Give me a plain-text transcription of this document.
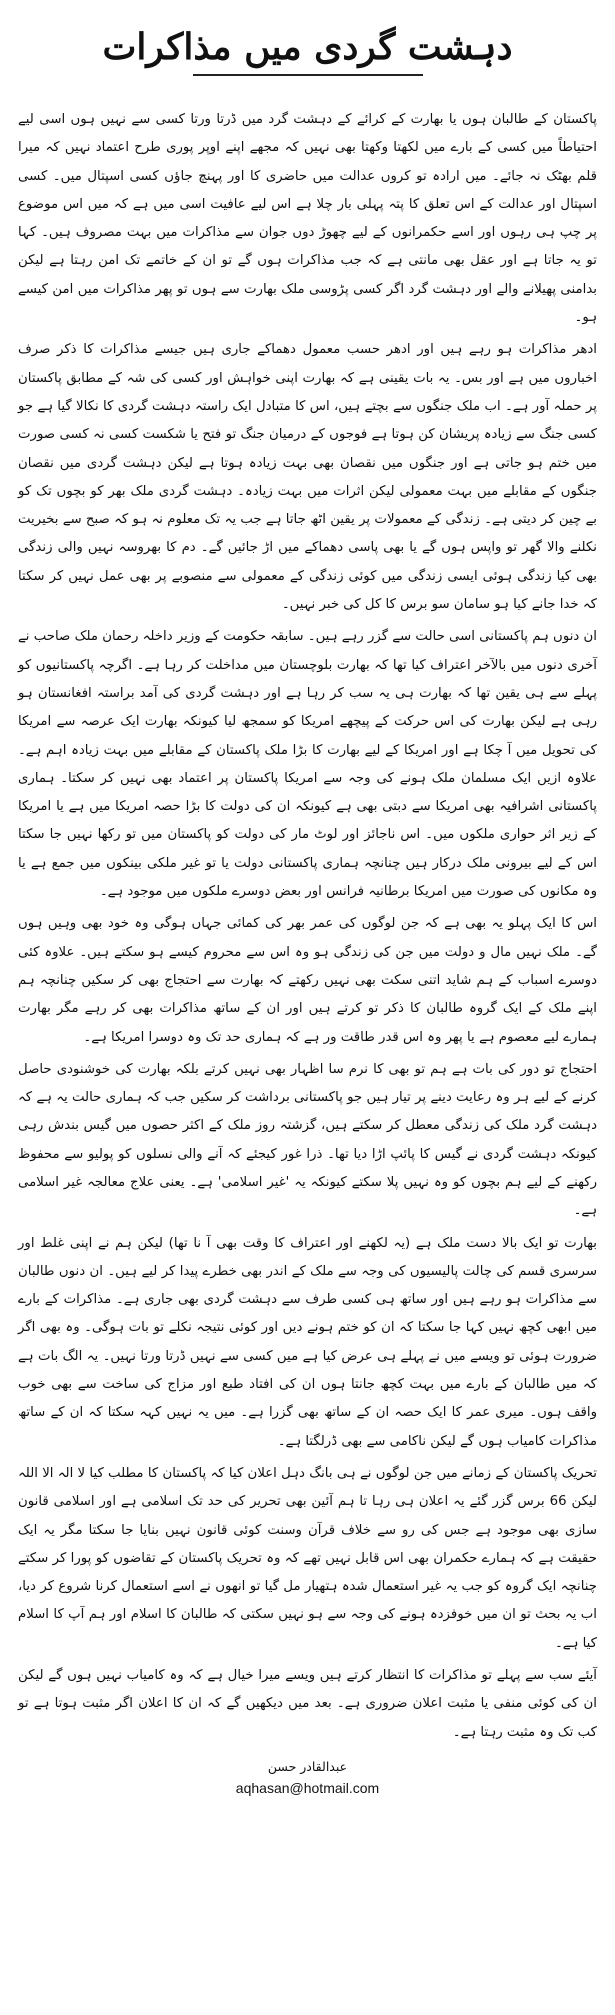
دہشت گردی میں مذاکرات

پاکستان کے طالبان ہوں یا بھارت کے کرائے کے دہشت گرد میں ڈرتا ورتا کسی سے نہیں ہوں اسی لیے احتیاطاً میں کسی کے بارے میں لکھتا وکھتا بھی نہیں کہ مجھے اپنے اوپر پوری طرح اعتماد نہیں کہ میرا قلم بھٹک نہ جائے۔ میں ارادہ تو کروں عدالت میں حاضری کا اور پہنچ جاؤں کسی اسپتال میں۔ کسی اسپتال اور عدالت کے اس تعلق کا پتہ پہلی بار چلا ہے اس لیے عافیت اسی میں ہے کہ میں اس موضوع پر چپ ہی رہوں اور اسے حکمرانوں کے لیے چھوڑ دوں جوان سے مذاکرات میں بہت مصروف ہیں۔ کہا تو یہ جاتا ہے اور عقل بھی مانتی ہے کہ جب مذاکرات ہوں گے تو ان کے خاتمے تک امن رہتا ہے لیکن بدامنی پھیلانے والے اور دہشت گرد اگر کسی پڑوسی ملک بھارت سے ہوں تو پھر مذاکرات میں امن کیسے ہو۔

ادھر مذاکرات ہو رہے ہیں اور ادھر حسب معمول دھماکے جاری ہیں جیسے مذاکرات کا ذکر صرف اخباروں میں ہے اور بس۔ یہ بات یقینی ہے کہ بھارت اپنی خواہش اور کسی کی شہ کے مطابق پاکستان پر حملہ آور ہے۔ اب ملک جنگوں سے بچتے ہیں، اس کا متبادل ایک راستہ دہشت گردی کا نکالا گیا ہے جو کسی جنگ سے زیادہ پریشان کن ہوتا ہے فوجوں کے درمیان جنگ تو فتح یا شکست کسی نہ کسی صورت میں ختم ہو جاتی ہے اور جنگوں میں نقصان بھی بہت زیادہ ہوتا ہے لیکن دہشت گردی میں نقصان جنگوں کے مقابلے میں بہت معمولی لیکن اثرات میں بہت زیادہ۔ دہشت گردی ملک بھر کو بچوں تک کو بے چین کر دیتی ہے۔ زندگی کے معمولات پر یقین اٹھ جاتا ہے جب یہ تک معلوم نہ ہو کہ صبح سے بخیریت نکلنے والا گھر تو واپس ہوں گے یا بھی پاسی دھماکے میں اڑ جائیں گے۔ دم کا بھروسہ نہیں والی زندگی بھی کیا زندگی ہوئی ایسی زندگی میں کوئی زندگی کے معمولی سے منصوبے پر بھی عمل نہیں کر سکتا کہ خدا جانے کیا ہو سامان سو برس کا کل کی خبر نہیں۔

ان دنوں ہم پاکستانی اسی حالت سے گزر رہے ہیں۔ سابقہ حکومت کے وزیر داخلہ رحمان ملک صاحب نے آخری دنوں میں بالآخر اعتراف کیا تھا کہ بھارت بلوچستان میں مداخلت کر رہا ہے۔ اگرچہ پاکستانیوں کو پہلے سے ہی یقین تھا کہ بھارت ہی یہ سب کر رہا ہے اور دہشت گردی کی آمد براستہ افغانستان ہو رہی ہے لیکن بھارت کی اس حرکت کے پیچھے امریکا کو سمجھ لیا کیونکہ بھارت ایک عرصہ سے امریکا کی تحویل میں آ چکا ہے اور امریکا کے لیے بھارت کا بڑا ملک پاکستان کے مقابلے میں بہت زیادہ اہم ہے۔ علاوہ ازیں ایک مسلمان ملک ہونے کی وجہ سے امریکا پاکستان پر اعتماد بھی نہیں کر سکتا۔ ہماری پاکستانی اشرافیہ بھی امریکا سے دبتی بھی ہے کیونکہ ان کی دولت کا بڑا حصہ امریکا میں ہے یا امریکا کے زیر اثر حواری ملکوں میں۔ اس ناجائز اور لوٹ مار کی دولت کو پاکستان میں تو رکھا نہیں جا سکتا اس کے لیے بیرونی ملک درکار ہیں چنانچہ ہماری پاکستانی دولت یا تو غیر ملکی بینکوں میں جمع ہے یا وہ مکانوں کی صورت میں امریکا برطانیہ فرانس اور بعض دوسرے ملکوں میں موجود ہے۔

اس کا ایک پہلو یہ بھی ہے کہ جن لوگوں کی عمر بھر کی کمائی جہاں ہوگی وہ خود بھی وہیں ہوں گے۔ ملک نہیں مال و دولت میں جن کی زندگی ہو وہ اس سے محروم کیسے ہو سکتے ہیں۔ علاوہ کئی دوسرے اسباب کے ہم شاید اتنی سکت بھی نہیں رکھتے کہ بھارت سے احتجاج بھی کر سکیں چنانچہ ہم اپنے ملک کے ایک گروہ طالبان کا ذکر تو کرتے ہیں اور ان کے ساتھ مذاکرات بھی کر رہے مگر بھارت ہمارے لیے معصوم ہے یا پھر وہ اس قدر طاقت ور ہے کہ ہماری حد تک وہ دوسرا امریکا ہے۔

احتجاج تو دور کی بات ہے ہم تو بھی کا نرم سا اظہار بھی نہیں کرتے بلکہ بھارت کی خوشنودی حاصل کرنے کے لیے ہر وہ رعایت دینے پر تیار ہیں جو پاکستانی برداشت کر سکیں جب کہ ہماری حالت یہ ہے کہ دہشت گرد ملک کی زندگی معطل کر سکتے ہیں، گزشتہ روز ملک کے اکثر حصوں میں گیس بندش رہی کیونکہ دہشت گردی نے گیس کا پائپ اڑا دیا تھا۔ ذرا غور کیجئے کہ آنے والی نسلوں کو پولیو سے محفوظ رکھنے کے لیے ہم بچوں کو وہ نہیں پلا سکتے کیونکہ یہ 'غیر اسلامی' ہے۔ یعنی علاج معالجہ غیر اسلامی ہے۔

بھارت تو ایک بالا دست ملک ہے (یہ لکھنے اور اعتراف کا وقت بھی آ نا تھا) لیکن ہم نے اپنی غلط اور سرسری قسم کی چالت پالیسیوں کی وجہ سے ملک کے اندر بھی خطرے پیدا کر لیے ہیں۔ ان دنوں طالبان سے مذاکرات ہو رہے ہیں اور ساتھ ہی کسی طرف سے دہشت گردی بھی جاری ہے۔ مذاکرات کے بارے میں ابھی کچھ نہیں کہا جا سکتا کہ ان کو ختم ہونے دیں اور کوئی نتیجہ نکلے تو بات ہوگی۔ وہ بھی اگر ضرورت ہوئی تو ویسے میں نے پہلے ہی عرض کیا ہے میں کسی سے نہیں ڈرتا ورتا نہیں۔ یہ الگ بات ہے کہ میں طالبان کے بارے میں بہت کچھ جانتا ہوں ان کی افتاد طبع اور مزاج کی ساخت سے بھی خوب واقف ہوں۔ میری عمر کا ایک حصہ ان کے ساتھ بھی گزرا ہے۔ میں یہ نہیں کہہ سکتا کہ ان کے ساتھ مذاکرات کامیاب ہوں گے لیکن ناکامی سے بھی ڈرلگتا ہے۔

تحریک پاکستان کے زمانے میں جن لوگوں نے ہی بانگ دہل اعلان کیا کہ پاکستان کا مطلب کیا لا الہ الا اللہ لیکن 66 برس گزر گئے یہ اعلان ہی رہا تا ہم آئین بھی تحریر کی حد تک اسلامی ہے اور اسلامی قانون سازی بھی موجود ہے جس کی رو سے خلاف قرآن وسنت کوئی قانون نہیں بنایا جا سکتا مگر یہ ایک حقیقت ہے کہ ہمارے حکمران بھی اس قابل نہیں تھے کہ وہ تحریک پاکستان کے تقاضوں کو پورا کر سکتے چنانچہ ایک گروہ کو جب یہ غیر استعمال شدہ ہتھیار مل گیا تو انھوں نے اسے استعمال کرنا شروع کر دیا، اب یہ بحث تو ان میں خوفزدہ ہونے کی وجہ سے ہو نہیں سکتی کہ طالبان کا اسلام اور ہم آپ کا اسلام کیا ہے۔

آیئے سب سے پہلے تو مذاکرات کا انتظار کرتے ہیں ویسے میرا خیال ہے کہ وہ کامیاب نہیں ہوں گے لیکن ان کی کوئی منفی یا مثبت اعلان ضروری ہے۔ بعد میں دیکھیں گے کہ ان کا اعلان اگر مثبت ہوتا ہے تو کب تک وہ مثبت رہتا ہے۔

عبدالقادر حسن
aqhasan@hotmail.com
